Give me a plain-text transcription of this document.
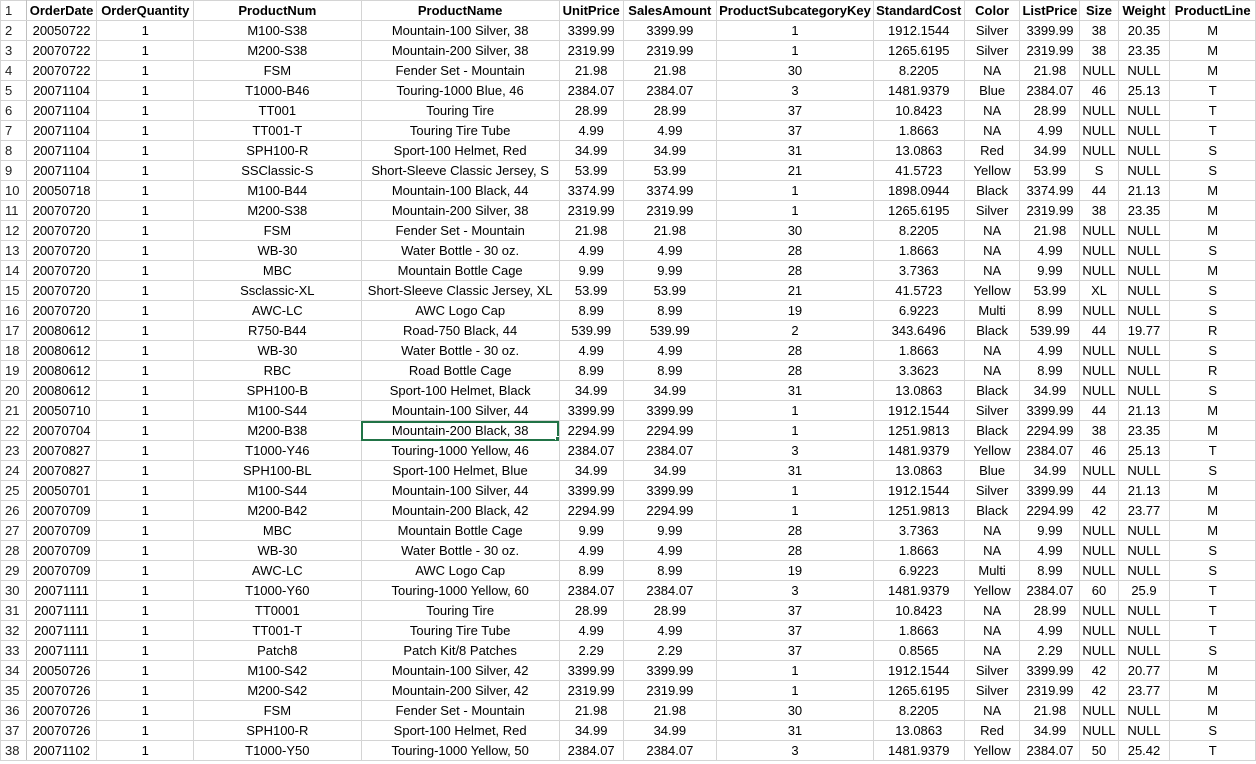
1	OrderDate	OrderQuantity	ProductNum	ProductName	UnitPrice	SalesAmount	ProductSubcategoryKey	StandardCost	Color	ListPrice	Size	Weight	ProductLine
2	20050722	1	M100-S38	Mountain-100 Silver, 38	3399.99	3399.99	1	1912.1544	Silver	3399.99	38	20.35	M
3	20070722	1	M200-S38	Mountain-200 Silver, 38	2319.99	2319.99	1	1265.6195	Silver	2319.99	38	23.35	M
4	20070722	1	FSM	Fender Set - Mountain	21.98	21.98	30	8.2205	NA	21.98	NULL	NULL	M
5	20071104	1	T1000-B46	Touring-1000 Blue, 46	2384.07	2384.07	3	1481.9379	Blue	2384.07	46	25.13	T
6	20071104	1	TT001	Touring Tire	28.99	28.99	37	10.8423	NA	28.99	NULL	NULL	T
7	20071104	1	TT001-T	Touring Tire Tube	4.99	4.99	37	1.8663	NA	4.99	NULL	NULL	T
8	20071104	1	SPH100-R	Sport-100 Helmet, Red	34.99	34.99	31	13.0863	Red	34.99	NULL	NULL	S
9	20071104	1	SSClassic-S	Short-Sleeve Classic Jersey, S	53.99	53.99	21	41.5723	Yellow	53.99	S	NULL	S
10	20050718	1	M100-B44	Mountain-100 Black, 44	3374.99	3374.99	1	1898.0944	Black	3374.99	44	21.13	M
11	20070720	1	M200-S38	Mountain-200 Silver, 38	2319.99	2319.99	1	1265.6195	Silver	2319.99	38	23.35	M
12	20070720	1	FSM	Fender Set - Mountain	21.98	21.98	30	8.2205	NA	21.98	NULL	NULL	M
13	20070720	1	WB-30	Water Bottle - 30 oz.	4.99	4.99	28	1.8663	NA	4.99	NULL	NULL	S
14	20070720	1	MBC	Mountain Bottle Cage	9.99	9.99	28	3.7363	NA	9.99	NULL	NULL	M
15	20070720	1	Ssclassic-XL	Short-Sleeve Classic Jersey, XL	53.99	53.99	21	41.5723	Yellow	53.99	XL	NULL	S
16	20070720	1	AWC-LC	AWC Logo Cap	8.99	8.99	19	6.9223	Multi	8.99	NULL	NULL	S
17	20080612	1	R750-B44	Road-750 Black, 44	539.99	539.99	2	343.6496	Black	539.99	44	19.77	R
18	20080612	1	WB-30	Water Bottle - 30 oz.	4.99	4.99	28	1.8663	NA	4.99	NULL	NULL	S
19	20080612	1	RBC	Road Bottle Cage	8.99	8.99	28	3.3623	NA	8.99	NULL	NULL	R
20	20080612	1	SPH100-B	Sport-100 Helmet, Black	34.99	34.99	31	13.0863	Black	34.99	NULL	NULL	S
21	20050710	1	M100-S44	Mountain-100 Silver, 44	3399.99	3399.99	1	1912.1544	Silver	3399.99	44	21.13	M
22	20070704	1	M200-B38	Mountain-200 Black, 38	2294.99	2294.99	1	1251.9813	Black	2294.99	38	23.35	M
23	20070827	1	T1000-Y46	Touring-1000 Yellow, 46	2384.07	2384.07	3	1481.9379	Yellow	2384.07	46	25.13	T
24	20070827	1	SPH100-BL	Sport-100 Helmet, Blue	34.99	34.99	31	13.0863	Blue	34.99	NULL	NULL	S
25	20050701	1	M100-S44	Mountain-100 Silver, 44	3399.99	3399.99	1	1912.1544	Silver	3399.99	44	21.13	M
26	20070709	1	M200-B42	Mountain-200 Black, 42	2294.99	2294.99	1	1251.9813	Black	2294.99	42	23.77	M
27	20070709	1	MBC	Mountain Bottle Cage	9.99	9.99	28	3.7363	NA	9.99	NULL	NULL	M
28	20070709	1	WB-30	Water Bottle - 30 oz.	4.99	4.99	28	1.8663	NA	4.99	NULL	NULL	S
29	20070709	1	AWC-LC	AWC Logo Cap	8.99	8.99	19	6.9223	Multi	8.99	NULL	NULL	S
30	20071111	1	T1000-Y60	Touring-1000 Yellow, 60	2384.07	2384.07	3	1481.9379	Yellow	2384.07	60	25.9	T
31	20071111	1	TT0001	Touring Tire	28.99	28.99	37	10.8423	NA	28.99	NULL	NULL	T
32	20071111	1	TT001-T	Touring Tire Tube	4.99	4.99	37	1.8663	NA	4.99	NULL	NULL	T
33	20071111	1	Patch8	Patch Kit/8 Patches	2.29	2.29	37	0.8565	NA	2.29	NULL	NULL	S
34	20050726	1	M100-S42	Mountain-100 Silver, 42	3399.99	3399.99	1	1912.1544	Silver	3399.99	42	20.77	M
35	20070726	1	M200-S42	Mountain-200 Silver, 42	2319.99	2319.99	1	1265.6195	Silver	2319.99	42	23.77	M
36	20070726	1	FSM	Fender Set - Mountain	21.98	21.98	30	8.2205	NA	21.98	NULL	NULL	M
37	20070726	1	SPH100-R	Sport-100 Helmet, Red	34.99	34.99	31	13.0863	Red	34.99	NULL	NULL	S
38	20071102	1	T1000-Y50	Touring-1000 Yellow, 50	2384.07	2384.07	3	1481.9379	Yellow	2384.07	50	25.42	T
